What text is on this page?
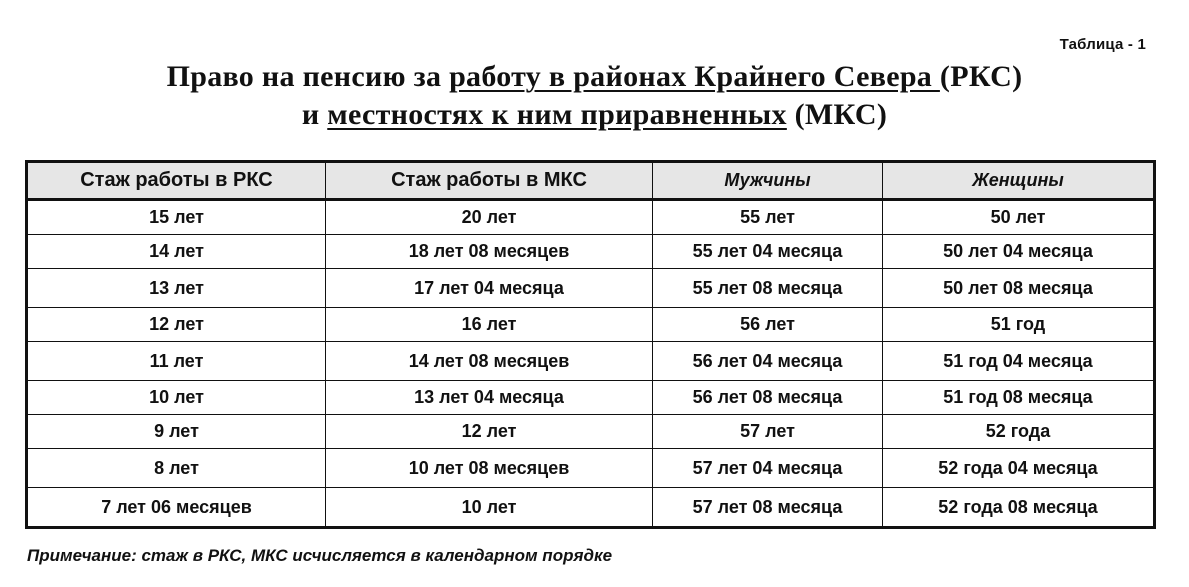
Таблица - 1
Право на пенсию за работу в районах Крайнего Севера (РКС)
и местностях к ним приравненных (МКС)
Стаж работы в РКС	Стаж работы в МКС	Мужчины	Женщины
15 лет	20 лет	55 лет	50 лет
14 лет	18 лет 08 месяцев	55 лет 04 месяца	50 лет 04 месяца
13 лет	17 лет 04 месяца	55 лет 08 месяца	50 лет 08 месяца
12 лет	16 лет	56 лет	51 год
11 лет	14 лет 08 месяцев	56 лет 04 месяца	51 год 04 месяца
10 лет	13 лет 04 месяца	56 лет 08 месяца	51 год 08 месяца
9 лет	12 лет	57 лет	52 года
8 лет	10 лет 08 месяцев	57 лет 04 месяца	52 года 04 месяца
7 лет 06 месяцев	10 лет	57 лет 08 месяца	52 года 08 месяца
Примечание: стаж в РКС, МКС исчисляется в календарном порядке
